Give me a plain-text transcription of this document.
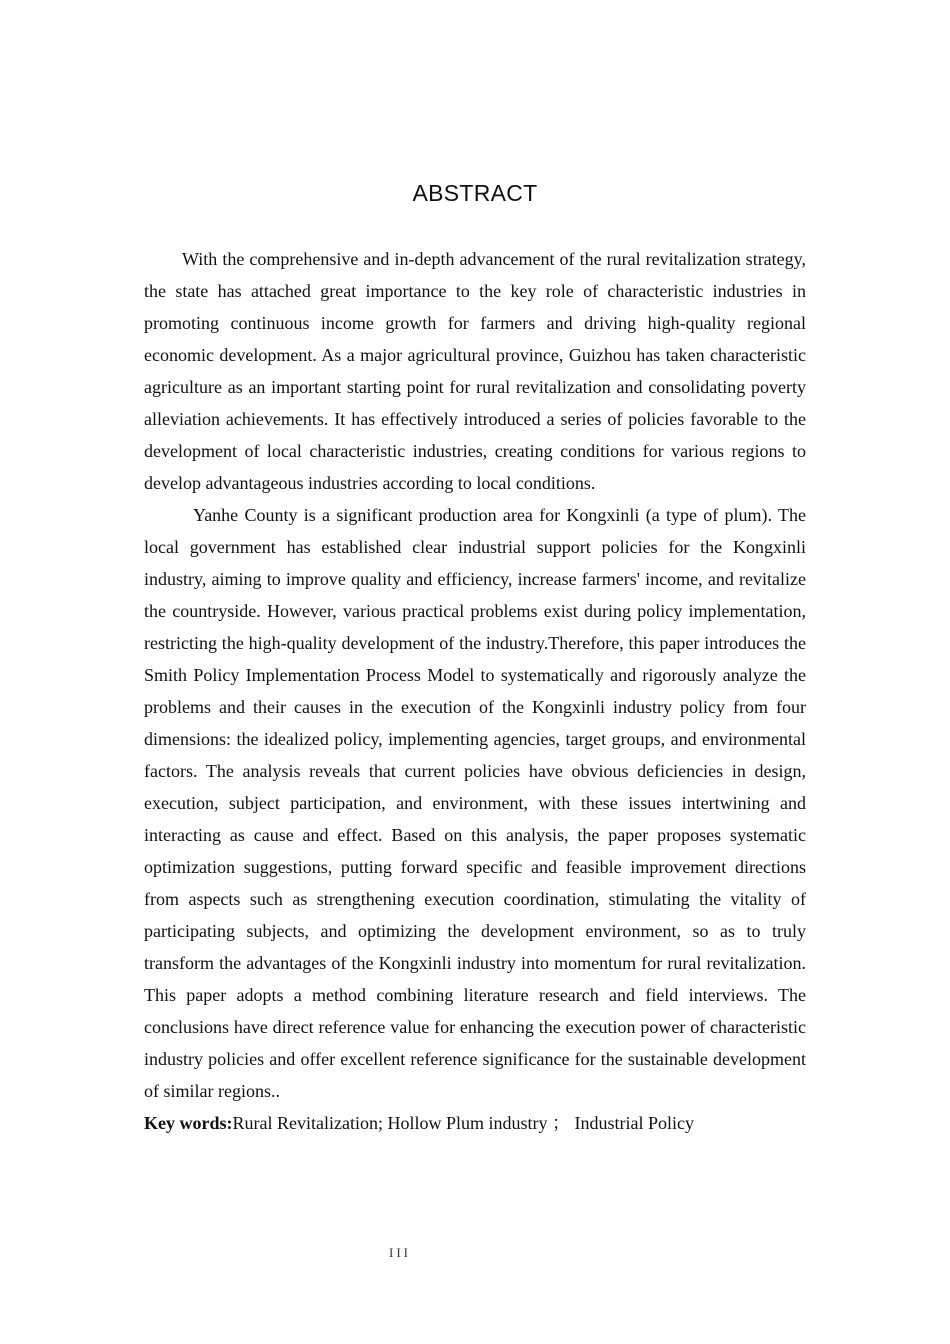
ABSTRACT

With the comprehensive and in-depth advancement of the rural revitalization strategy, the state has attached great importance to the key role of characteristic industries in promoting continuous income growth for farmers and driving high-quality regional economic development. As a major agricultural province, Guizhou has taken characteristic agriculture as an important starting point for rural revitalization and consolidating poverty alleviation achievements. It has effectively introduced a series of policies favorable to the development of local characteristic industries, creating conditions for various regions to develop advantageous industries according to local conditions.

Yanhe County is a significant production area for Kongxinli (a type of plum). The local government has established clear industrial support policies for the Kongxinli industry, aiming to improve quality and efficiency, increase farmers' income, and revitalize the countryside. However, various practical problems exist during policy implementation, restricting the high-quality development of the industry.Therefore, this paper introduces the Smith Policy Implementation Process Model to systematically and rigorously analyze the problems and their causes in the execution of the Kongxinli industry policy from four dimensions: the idealized policy, implementing agencies, target groups, and environmental factors. The analysis reveals that current policies have obvious deficiencies in design, execution, subject participation, and environment, with these issues intertwining and interacting as cause and effect. Based on this analysis, the paper proposes systematic optimization suggestions, putting forward specific and feasible improvement directions from aspects such as strengthening execution coordination, stimulating the vitality of participating subjects, and optimizing the development environment, so as to truly transform the advantages of the Kongxinli industry into momentum for rural revitalization. This paper adopts a method combining literature research and field interviews. The conclusions have direct reference value for enhancing the execution power of characteristic industry policies and offer excellent reference significance for the sustainable development of similar regions..

Key words:Rural Revitalization; Hollow Plum industry ； Industrial Policy

III
